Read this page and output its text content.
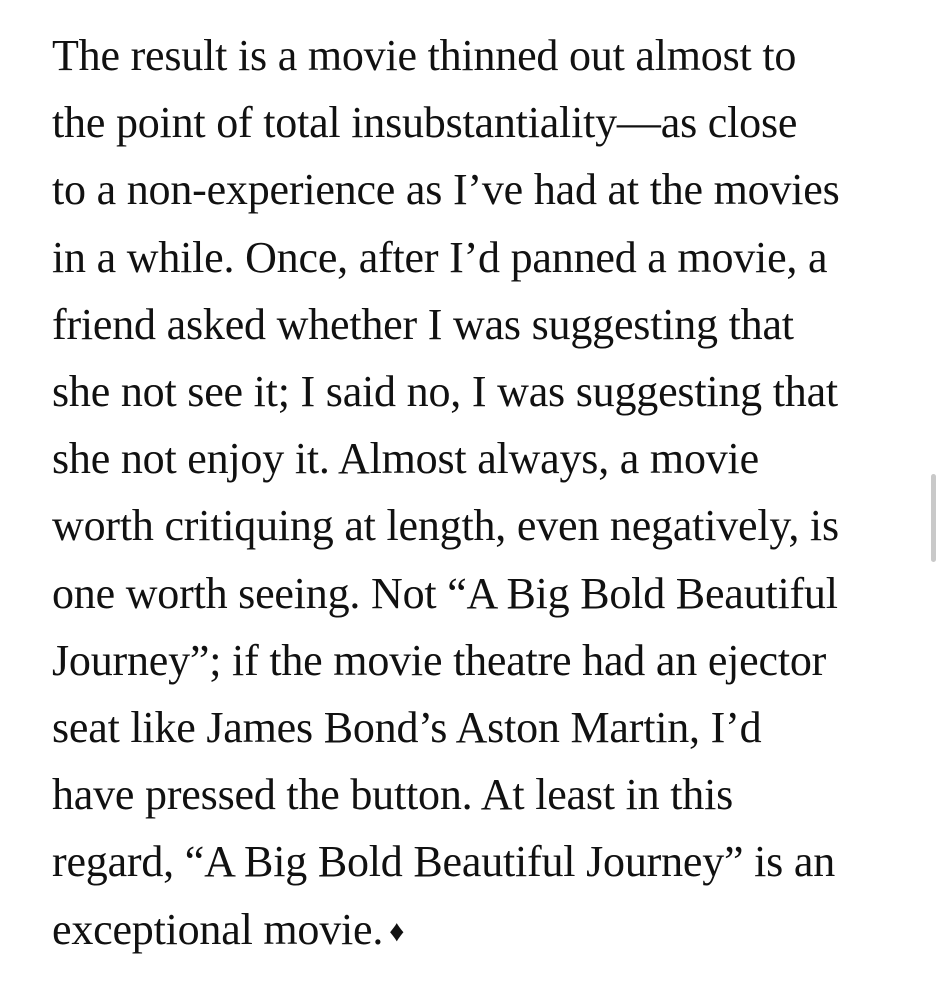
The result is a movie thinned out almost to
the point of total insubstantiality—as close
to a non-experience as I’ve had at the movies
in a while. Once, after I’d panned a movie, a
friend asked whether I was suggesting that
she not see it; I said no, I was suggesting that
she not enjoy it. Almost always, a movie
worth critiquing at length, even negatively, is
one worth seeing. Not “A Big Bold Beautiful
Journey”; if the movie theatre had an ejector
seat like James Bond’s Aston Martin, I’d
have pressed the button. At least in this
regard, “A Big Bold Beautiful Journey” is an
exceptional movie. ♦
